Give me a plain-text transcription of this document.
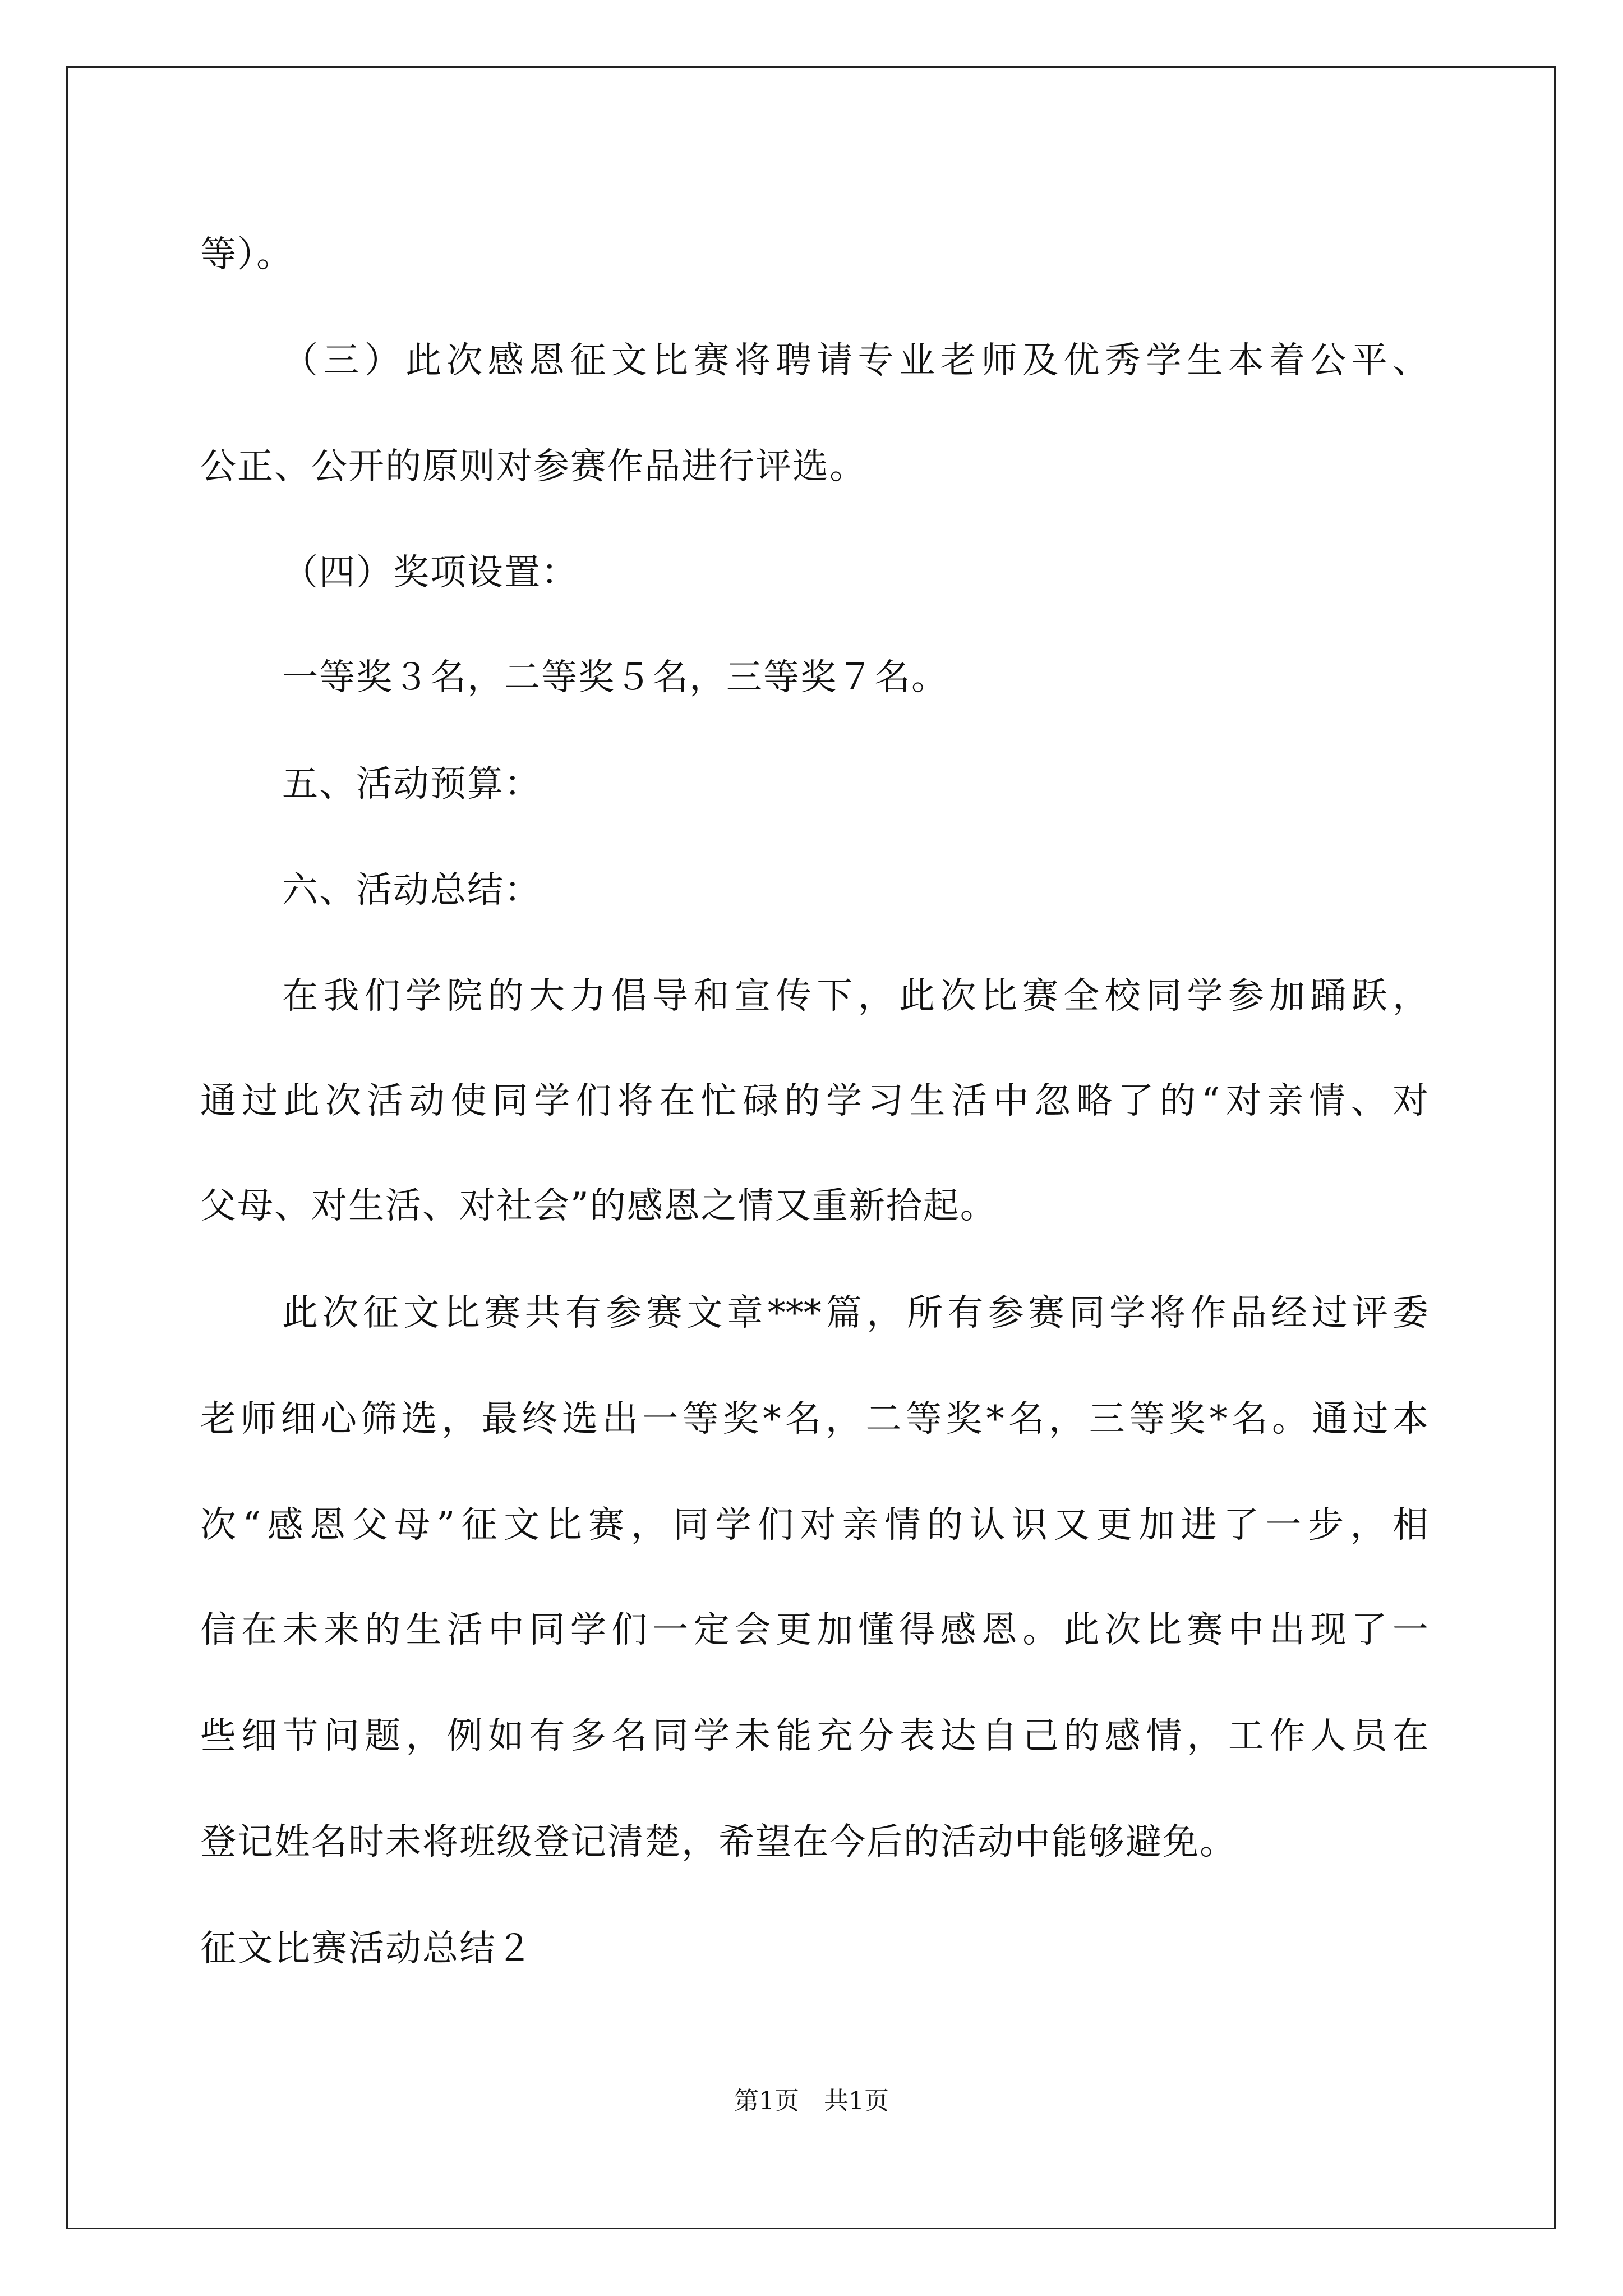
等）。
（三）此次感恩征文比赛将聘请专业老师及优秀学生本着公平、
公正、公开的原则对参赛作品进行评选。
（四）奖项设置：
一等奖３名，二等奖５名，三等奖７名。
五、活动预算：
六、活动总结：
在我们学院的大力倡导和宣传下，此次比赛全校同学参加踊跃，
通过此次活动使同学们将在忙碌的学习生活中忽略了的“对亲情、对
父母、对生活、对社会”的感恩之情又重新拾起。
此次征文比赛共有参赛文章***篇，所有参赛同学将作品经过评委
老师细心筛选，最终选出一等奖*名，二等奖*名，三等奖*名。通过本
次“感恩父母”征文比赛，同学们对亲情的认识又更加进了一步，相
信在未来的生活中同学们一定会更加懂得感恩。此次比赛中出现了一
些细节问题，例如有多名同学未能充分表达自己的感情，工作人员在
登记姓名时未将班级登记清楚，希望在今后的活动中能够避免。
征文比赛活动总结２
第1页　共1页
